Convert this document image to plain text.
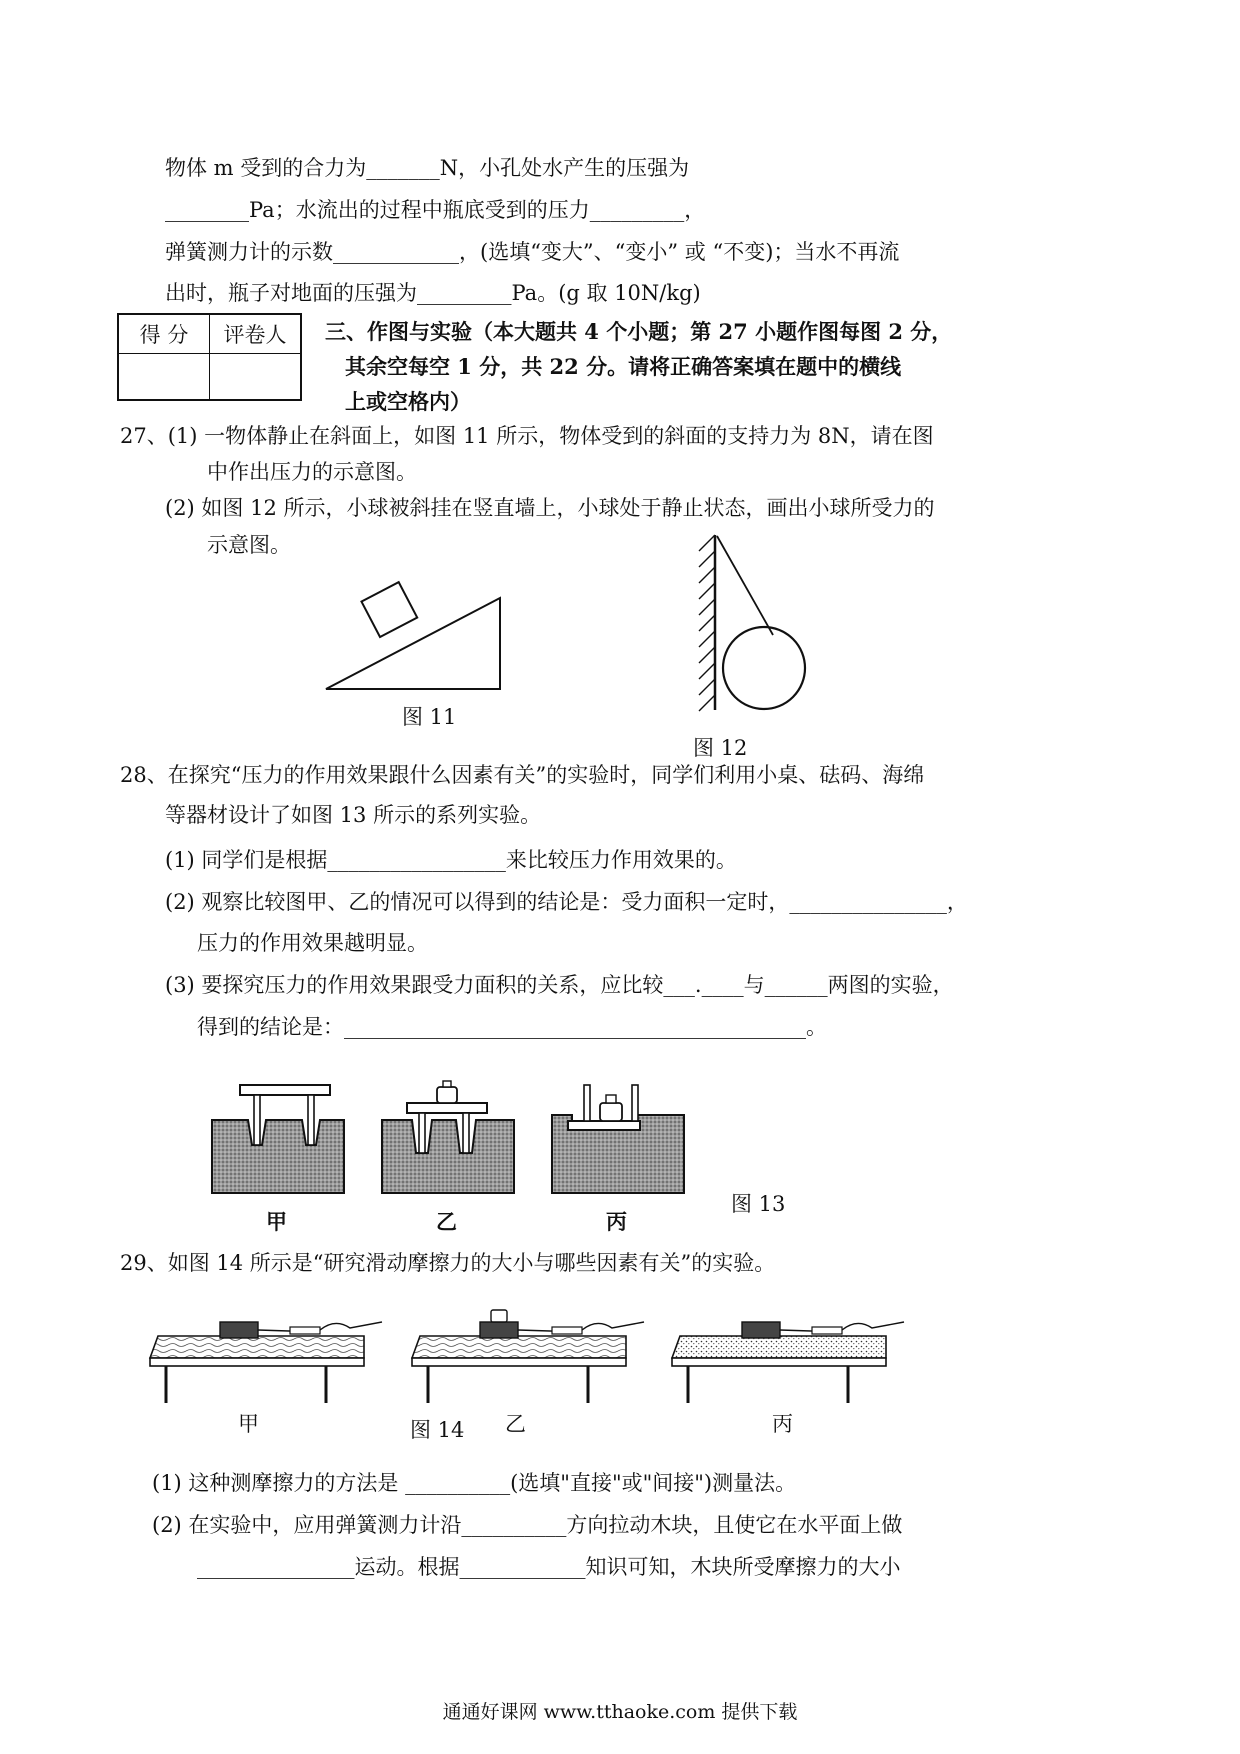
物体 m 受到的合力为_______N，小孔处水产生的压强为
________Pa；水流出的过程中瓶底受到的压力_________，
弹簧测力计的示数____________，(选填“变大”、“变小” 或 “不变)；当水不再流
出时，瓶子对地面的压强为_________Pa。(g 取 10N/kg)
得 分	评卷人
	三、作图与实验（本大题共 4 个小题；第 27 小题作图每图 2 分，
其余空每空 1 分，共 22 分。请将正确答案填在题中的横线
上或空格内）
27、(1) 一物体静止在斜面上，如图 11 所示，物体受到的斜面的支持力为 8N，请在图
中作出压力的示意图。
(2) 如图 12 所示，小球被斜挂在竖直墙上，小球处于静止状态，画出小球所受力的
示意图。
图 11
图 12
28、在探究“压力的作用效果跟什么因素有关”的实验时，同学们利用小桌、砝码、海绵
等器材设计了如图 13 所示的系列实验。
(1) 同学们是根据_________________来比较压力作用效果的。
(2) 观察比较图甲、乙的情况可以得到的结论是：受力面积一定时，_______________，
压力的作用效果越明显。
(3) 要探究压力的作用效果跟受力面积的关系，应比较___.____与______两图的实验，
得到的结论是：____________________________________________。
甲	乙	丙
图 13
29、如图 14 所示是“研究滑动摩擦力的大小与哪些因素有关”的实验。
甲	图 14 乙	丙
(1) 这种测摩擦力的方法是 __________(选填"直接"或"间接")测量法。
(2) 在实验中，应用弹簧测力计沿__________方向拉动木块，且使它在水平面上做
_______________运动。根据____________知识可知，木块所受摩擦力的大小
通通好课网 www.tthaoke.com 提供下载
